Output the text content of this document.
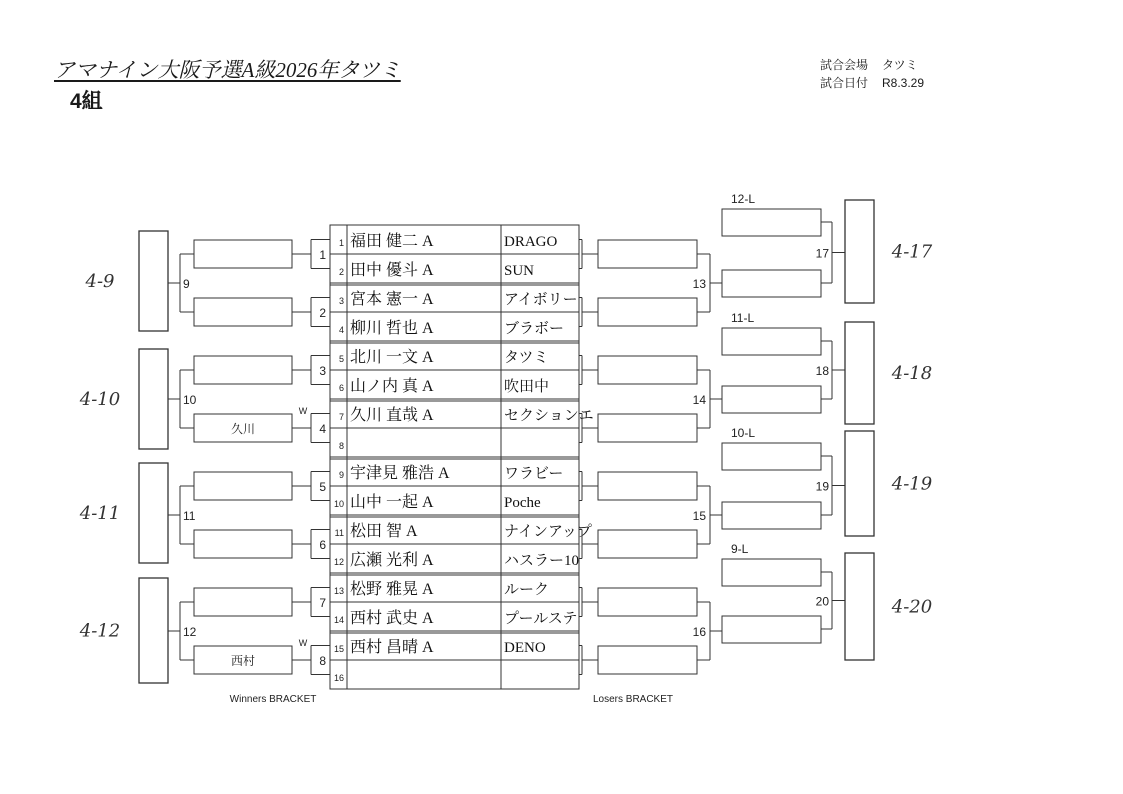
アマナイン大阪予選A級2026年タツミ
4組
試合会場 タツミ
試合日付 R8.3.29
1 福田 健二 A	DRAGO
2 田中 優斗 A	SUN
3 宮本 憲一 A	アイボリー
4 柳川 哲也 A	ブラボー
5 北川 一文 A	タツミ
6 山ノ内 真 A	吹田中
7 久川 直哉 A	セクションエ
8
9 宇津見 雅浩 A	ワラビー
10 山中 一起 A	Poche
11 松田 智 A	ナインアップ
12 広瀬 光利 A	ハスラー10
13 松野 雅晃 A	ルーク
14 西村 武史 A	プールステ
15 西村 昌晴 A	DENO
16
1
2
3
4
5
6
7
8
久川
W
西村
W
9
4-9
10
4-10
11
4-11
12
4-12
Winners BRACKET
13
14
15
16
12-L
17	4-17
11-L
18	4-18
10-L
19	4-19
9-L
20	4-20
Losers BRACKET
